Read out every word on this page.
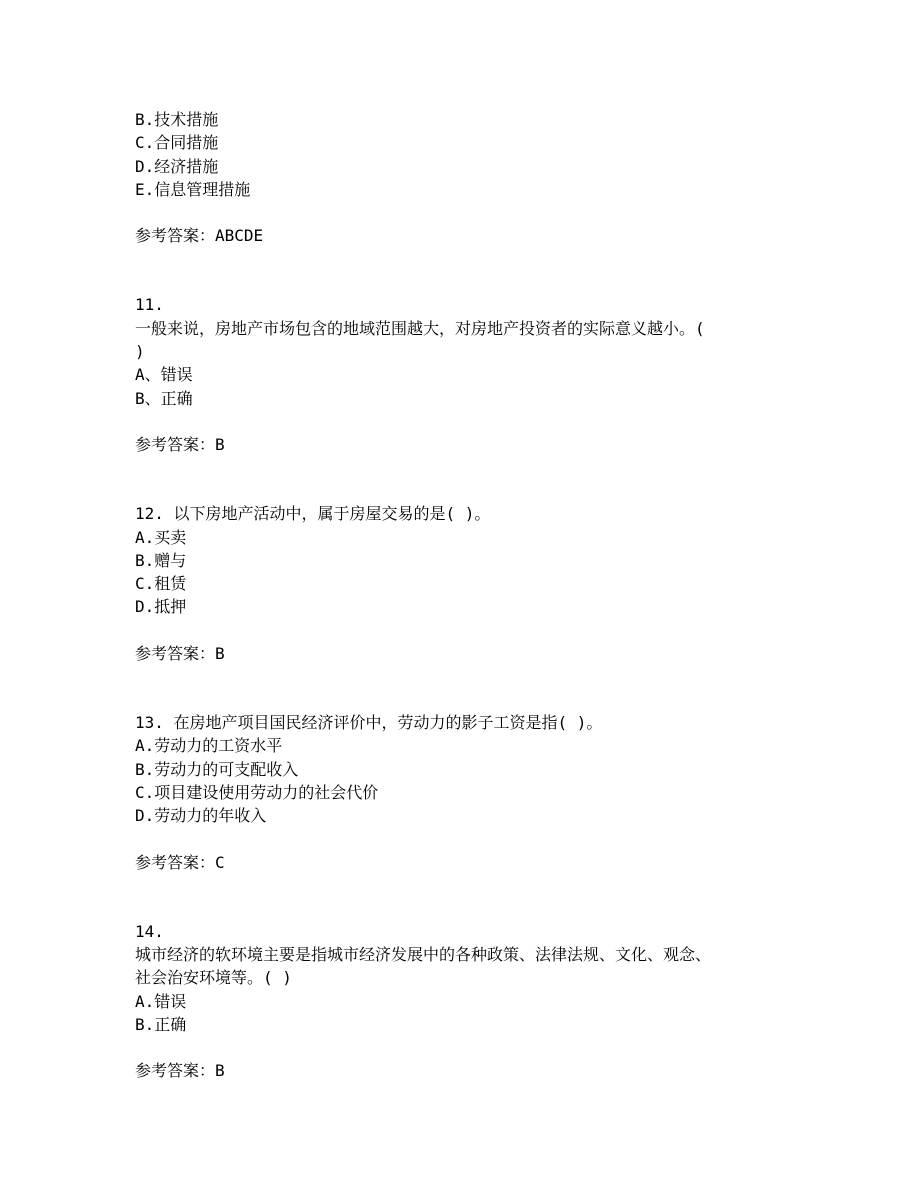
B.技术措施
C.合同措施
D.经济措施
E.信息管理措施
参考答案：ABCDE
11.
一般来说，房地产市场包含的地域范围越大，对房地产投资者的实际意义越小。(
)
A、错误
B、正确
参考答案：B
12. 以下房地产活动中，属于房屋交易的是( )。
A.买卖
B.赠与
C.租赁
D.抵押
参考答案：B
13. 在房地产项目国民经济评价中，劳动力的影子工资是指( )。
A.劳动力的工资水平
B.劳动力的可支配收入
C.项目建设使用劳动力的社会代价
D.劳动力的年收入
参考答案：C
14.
城市经济的软环境主要是指城市经济发展中的各种政策、法律法规、文化、观念、
社会治安环境等。( )
A.错误
B.正确
参考答案：B
